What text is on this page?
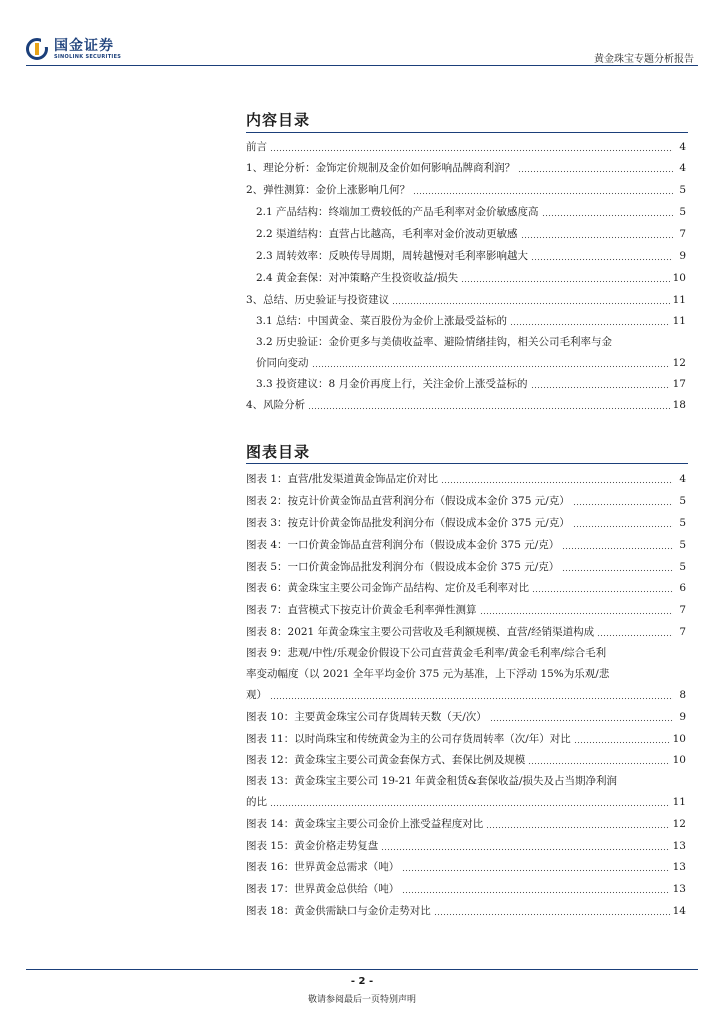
国金证券
SINOLINK SECURITIES	黄金珠宝专题分析报告
内容目录
前言	4
1、理论分析：金饰定价规制及金价如何影响品牌商利润？	4
2、弹性测算：金价上涨影响几何？	5
2.1 产品结构：终端加工费较低的产品毛利率对金价敏感度高	5
2.2 渠道结构：直营占比越高，毛利率对金价波动更敏感	7
2.3 周转效率：反映传导周期，周转越慢对毛利率影响越大	9
2.4 黄金套保：对冲策略产生投资收益/损失	10
3、总结、历史验证与投资建议	11
3.1 总结：中国黄金、菜百股份为金价上涨最受益标的	11
3.2 历史验证：金价更多与美债收益率、避险情绪挂钩，相关公司毛利率与金
价同向变动	12
3.3 投资建议：8 月金价再度上行，关注金价上涨受益标的	17
4、风险分析	18
图表目录
图表 1：直营/批发渠道黄金饰品定价对比	4
图表 2：按克计价黄金饰品直营利润分布（假设成本金价 375 元/克）	5
图表 3：按克计价黄金饰品批发利润分布（假设成本金价 375 元/克）	5
图表 4：一口价黄金饰品直营利润分布（假设成本金价 375 元/克）	5
图表 5：一口价黄金饰品批发利润分布（假设成本金价 375 元/克）	5
图表 6：黄金珠宝主要公司金饰产品结构、定价及毛利率对比	6
图表 7：直营模式下按克计价黄金毛利率弹性测算	7
图表 8：2021 年黄金珠宝主要公司营收及毛利额规模、直营/经销渠道构成	7
图表 9：悲观/中性/乐观金价假设下公司直营黄金毛利率/黄金毛利率/综合毛利
率变动幅度（以 2021 全年平均金价 375 元为基准，上下浮动 15%为乐观/悲
观）	8
图表 10：主要黄金珠宝公司存货周转天数（天/次）	9
图表 11：以时尚珠宝和传统黄金为主的公司存货周转率（次/年）对比	10
图表 12：黄金珠宝主要公司黄金套保方式、套保比例及规模	10
图表 13：黄金珠宝主要公司 19-21 年黄金租赁&套保收益/损失及占当期净利润
的比	11
图表 14：黄金珠宝主要公司金价上涨受益程度对比	12
图表 15：黄金价格走势复盘	13
图表 16：世界黄金总需求（吨）	13
图表 17：世界黄金总供给（吨）	13
图表 18：黄金供需缺口与金价走势对比	14
- 2 -
敬请参阅最后一页特别声明
